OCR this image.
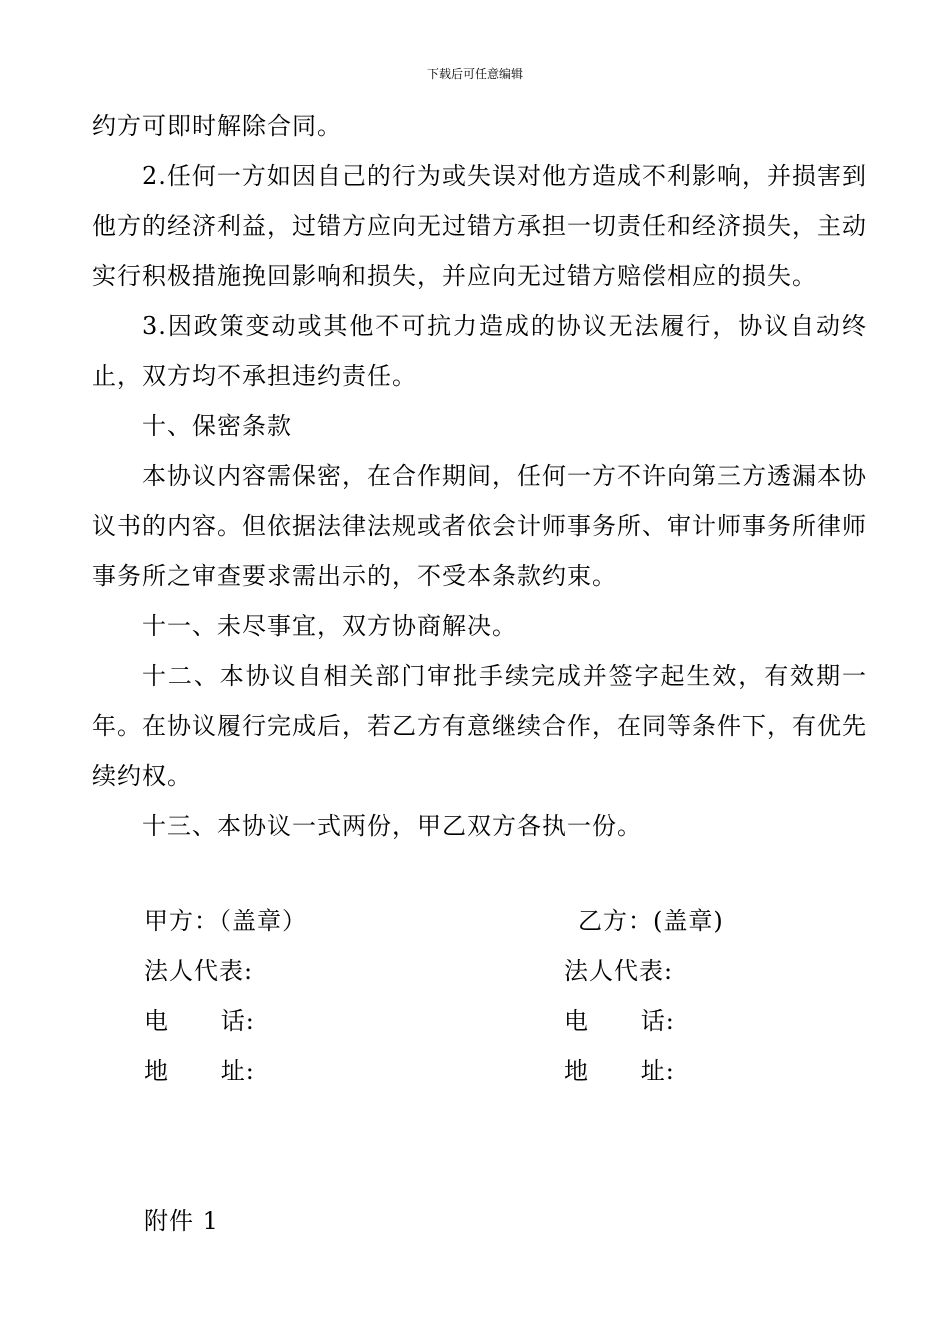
下载后可任意编辑

约方可即时解除合同。

2.任何一方如因自己的行为或失误对他方造成不利影响，并损害到他方的经济利益，过错方应向无过错方承担一切责任和经济损失，主动实行积极措施挽回影响和损失，并应向无过错方赔偿相应的损失。

3.因政策变动或其他不可抗力造成的协议无法履行，协议自动终止，双方均不承担违约责任。

十、保密条款

本协议内容需保密，在合作期间，任何一方不许向第三方透漏本协议书的内容。但依据法律法规或者依会计师事务所、审计师事务所律师事务所之审查要求需出示的，不受本条款约束。

十一、未尽事宜，双方协商解决。

十二、本协议自相关部门审批手续完成并签字起生效，有效期一年。在协议履行完成后，若乙方有意继续合作，在同等条件下，有优先续约权。

十三、本协议一式两份，甲乙双方各执一份。

甲方：（盖章）
法人代表:
电      话:
地      址:
乙方：(盖章)
法人代表:
电      话:
地      址:
附件 1
